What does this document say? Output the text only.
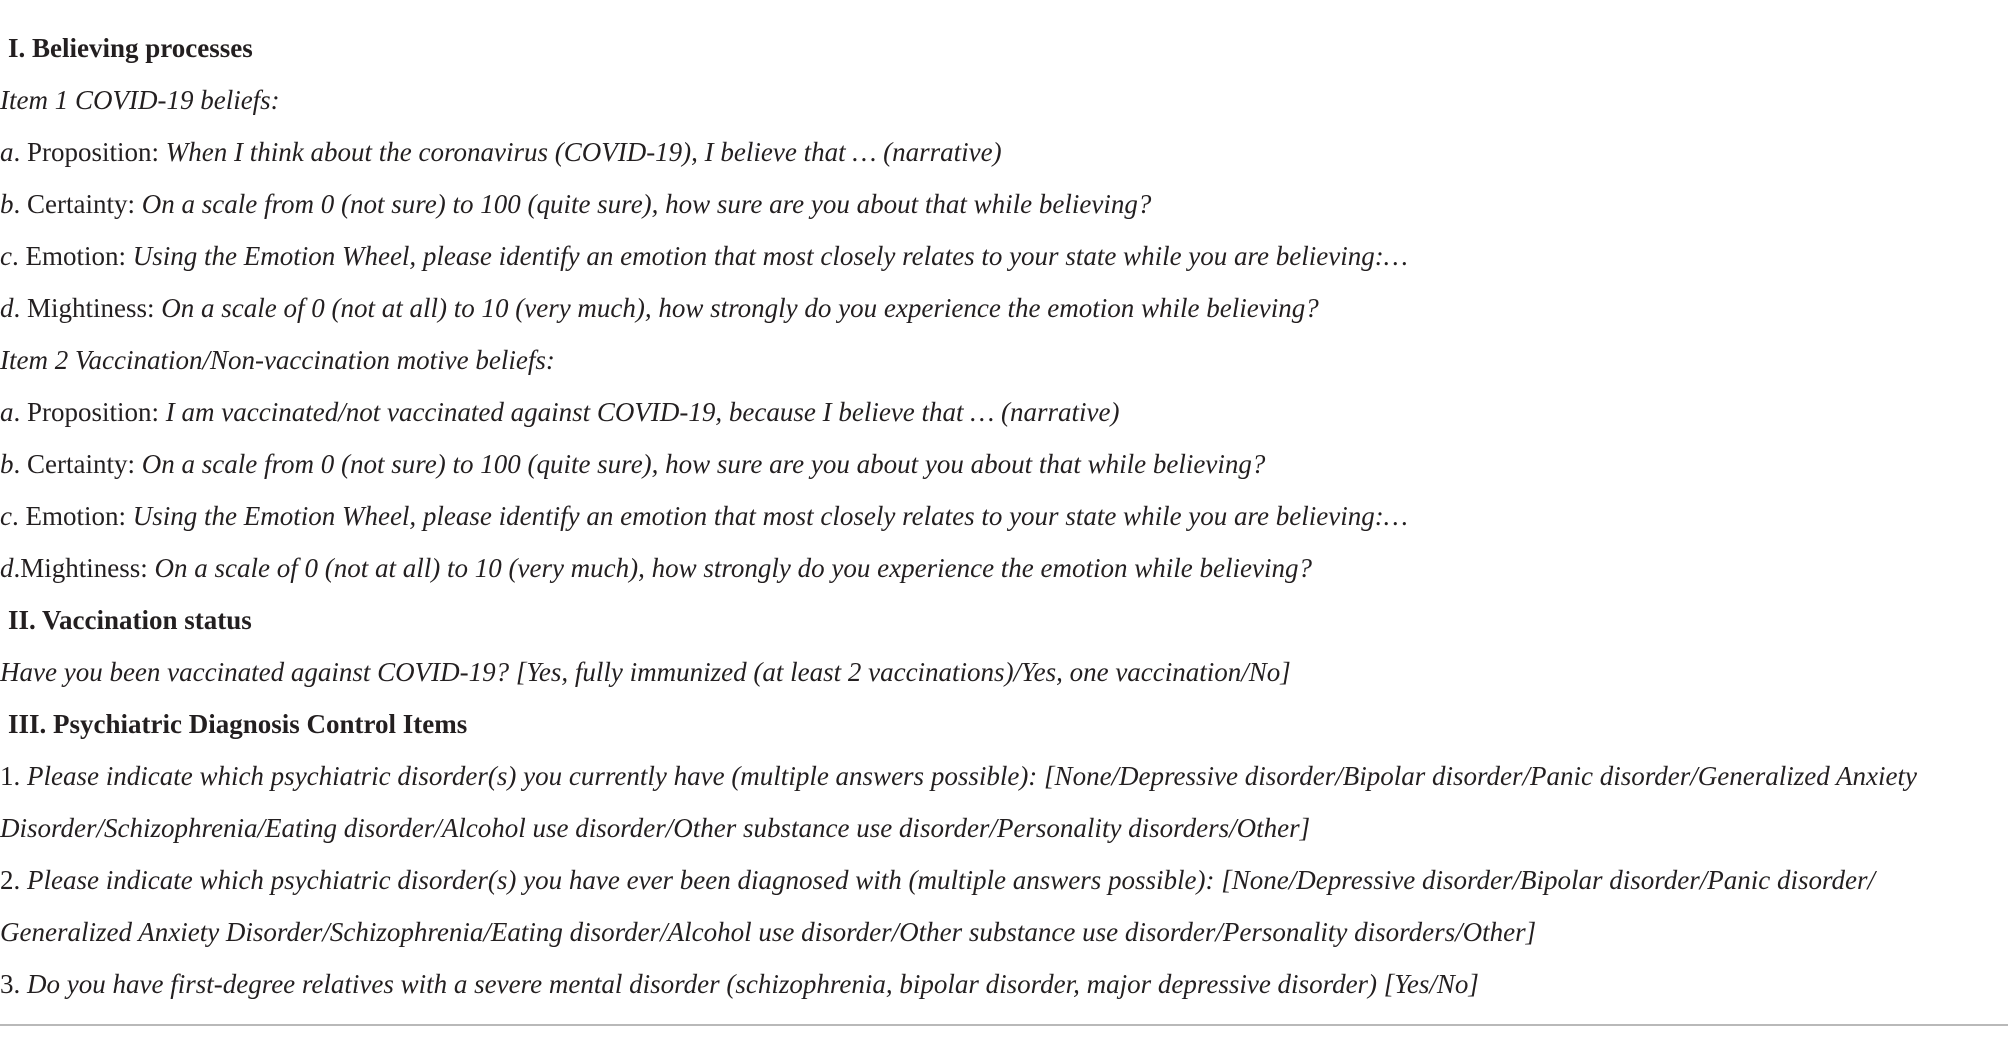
I. Believing processes
Item 1 COVID-19 beliefs:
a. Proposition: When I think about the coronavirus (COVID-19), I believe that … (narrative)
b. Certainty: On a scale from 0 (not sure) to 100 (quite sure), how sure are you about that while believing?
c. Emotion: Using the Emotion Wheel, please identify an emotion that most closely relates to your state while you are believing:…
d. Mightiness: On a scale of 0 (not at all) to 10 (very much), how strongly do you experience the emotion while believing?
Item 2 Vaccination/Non-vaccination motive beliefs:
a. Proposition: I am vaccinated/not vaccinated against COVID-19, because I believe that … (narrative)
b. Certainty: On a scale from 0 (not sure) to 100 (quite sure), how sure are you about you about that while believing?
c. Emotion: Using the Emotion Wheel, please identify an emotion that most closely relates to your state while you are believing:…
d.Mightiness: On a scale of 0 (not at all) to 10 (very much), how strongly do you experience the emotion while believing?
II. Vaccination status
Have you been vaccinated against COVID-19? [Yes, fully immunized (at least 2 vaccinations)/Yes, one vaccination/No]
III. Psychiatric Diagnosis Control Items
1. Please indicate which psychiatric disorder(s) you currently have (multiple answers possible): [None/Depressive disorder/Bipolar disorder/Panic disorder/Generalized Anxiety
Disorder/Schizophrenia/Eating disorder/Alcohol use disorder/Other substance use disorder/Personality disorders/Other]
2. Please indicate which psychiatric disorder(s) you have ever been diagnosed with (multiple answers possible): [None/Depressive disorder/Bipolar disorder/Panic disorder/
Generalized Anxiety Disorder/Schizophrenia/Eating disorder/Alcohol use disorder/Other substance use disorder/Personality disorders/Other]
3. Do you have first-degree relatives with a severe mental disorder (schizophrenia, bipolar disorder, major depressive disorder) [Yes/No]
